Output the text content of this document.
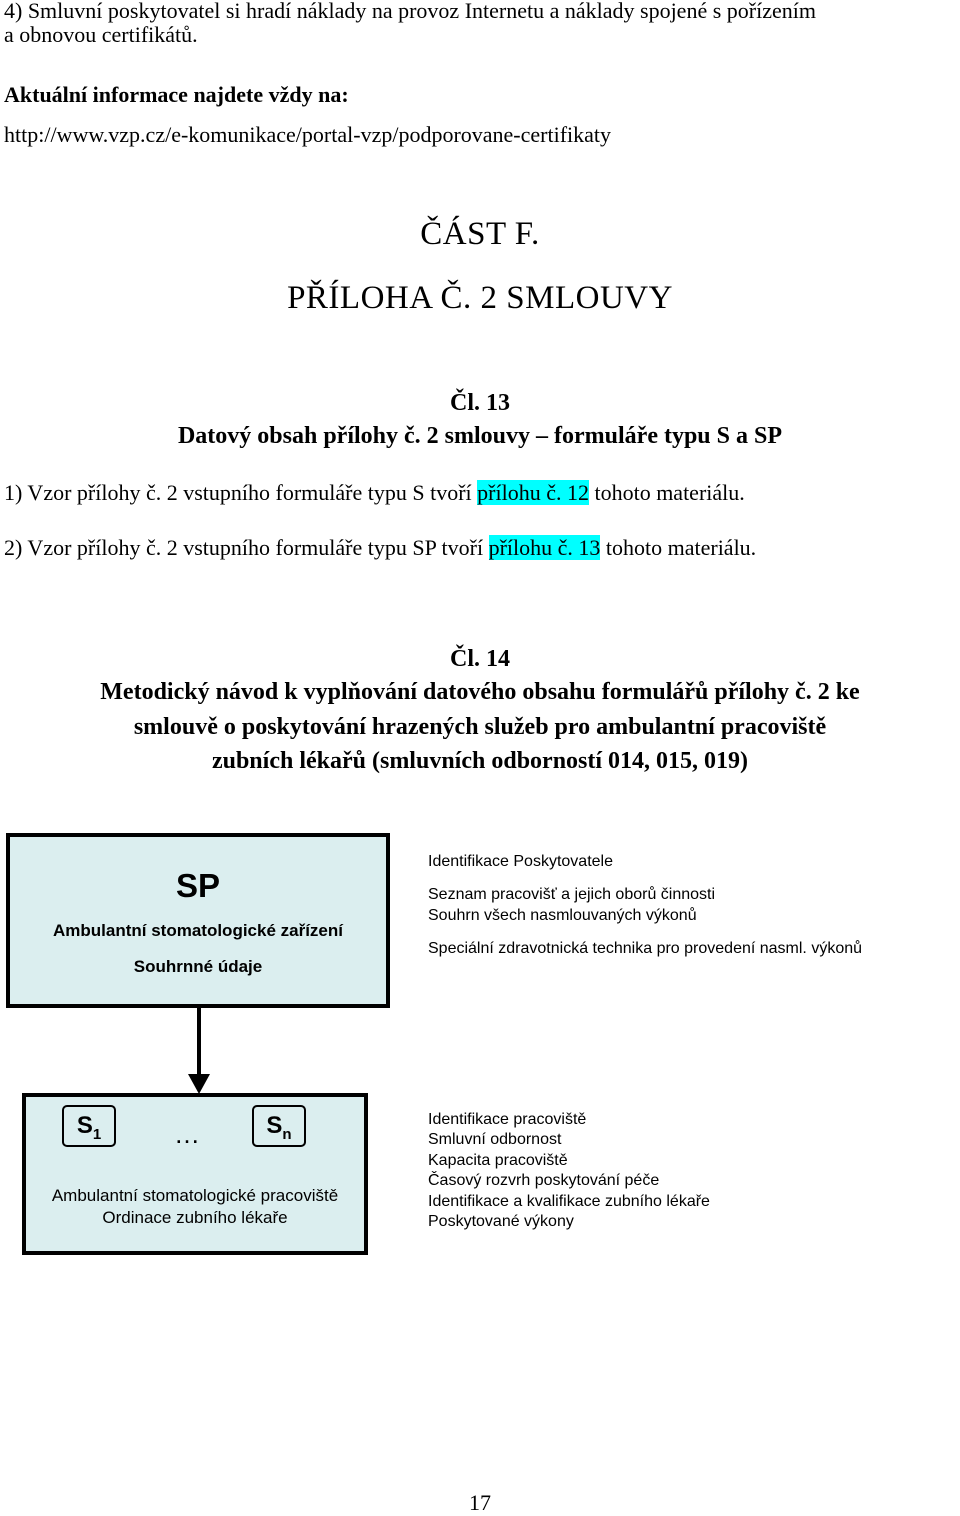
4) Smluvní poskytovatel si hradí náklady na provoz Internetu a náklady spojené s pořízením
a obnovou certifikátů.
Aktuální informace najdete vždy na:
http://www.vzp.cz/e-komunikace/portal-vzp/podporovane-certifikaty
ČÁST F.
PŘÍLOHA Č. 2 SMLOUVY
Čl. 13
Datový obsah přílohy č. 2 smlouvy – formuláře typu S a SP
1) Vzor přílohy č. 2 vstupního formuláře typu S tvoří přílohu č. 12 tohoto materiálu.
2) Vzor přílohy č. 2 vstupního formuláře typu SP tvoří přílohu č. 13 tohoto materiálu.
Čl. 14
Metodický návod k vyplňování datového obsahu formulářů přílohy č. 2 ke
smlouvě o poskytování hrazených služeb pro ambulantní pracoviště
zubních lékařů (smluvních odborností 014, 015, 019)
SP
Ambulantní stomatologické zařízení
Souhrnné údaje
Identifikace Poskytovatele
Seznam pracovišť a jejich oborů činnosti
Souhrn všech nasmlouvaných výkonů
Speciální zdravotnická technika pro provedení nasml. výkonů
$S_1$	…	$S_n$
Ambulantní stomatologické pracoviště
Ordinace zubního lékaře
Identifikace pracoviště
Smluvní odbornost
Kapacita pracoviště
Časový rozvrh poskytování péče
Identifikace a kvalifikace zubního lékaře
Poskytované výkony
17
